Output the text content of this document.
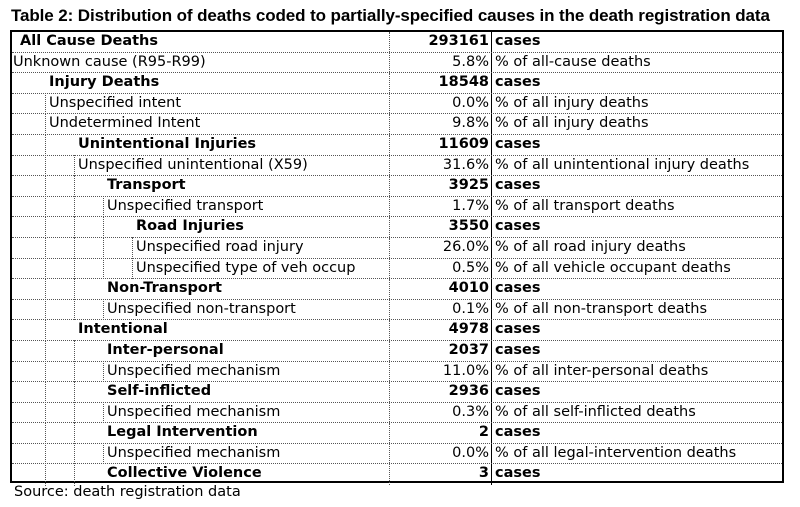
Table 2: Distribution of deaths coded to partially-specified causes in the death registration data
All Cause Deaths	293161 cases
Unknown cause (R95-R99)	5.8% % of all-cause deaths
Injury Deaths	18548 cases
Unspecified intent	0.0% % of all injury deaths
Undetermined Intent	9.8% % of all injury deaths
Unintentional Injuries	11609 cases
Unspecified unintentional (X59)	31.6% % of all unintentional injury deaths
Transport	3925 cases
Unspecified transport	1.7% % of all transport deaths
Road Injuries	3550 cases
Unspecified road injury	26.0% % of all road injury deaths
Unspecified type of veh occup	0.5% % of all vehicle occupant deaths
Non-Transport	4010 cases
Unspecified non-transport	0.1% % of all non-transport deaths
Intentional	4978 cases
Inter-personal	2037 cases
Unspecified mechanism	11.0% % of all inter-personal deaths
Self-inflicted	2936 cases
Unspecified mechanism	0.3% % of all self-inflicted deaths
Legal Intervention	2 cases
Unspecified mechanism	0.0% % of all legal-intervention deaths
Collective Violence	3 cases
Source: death registration data
